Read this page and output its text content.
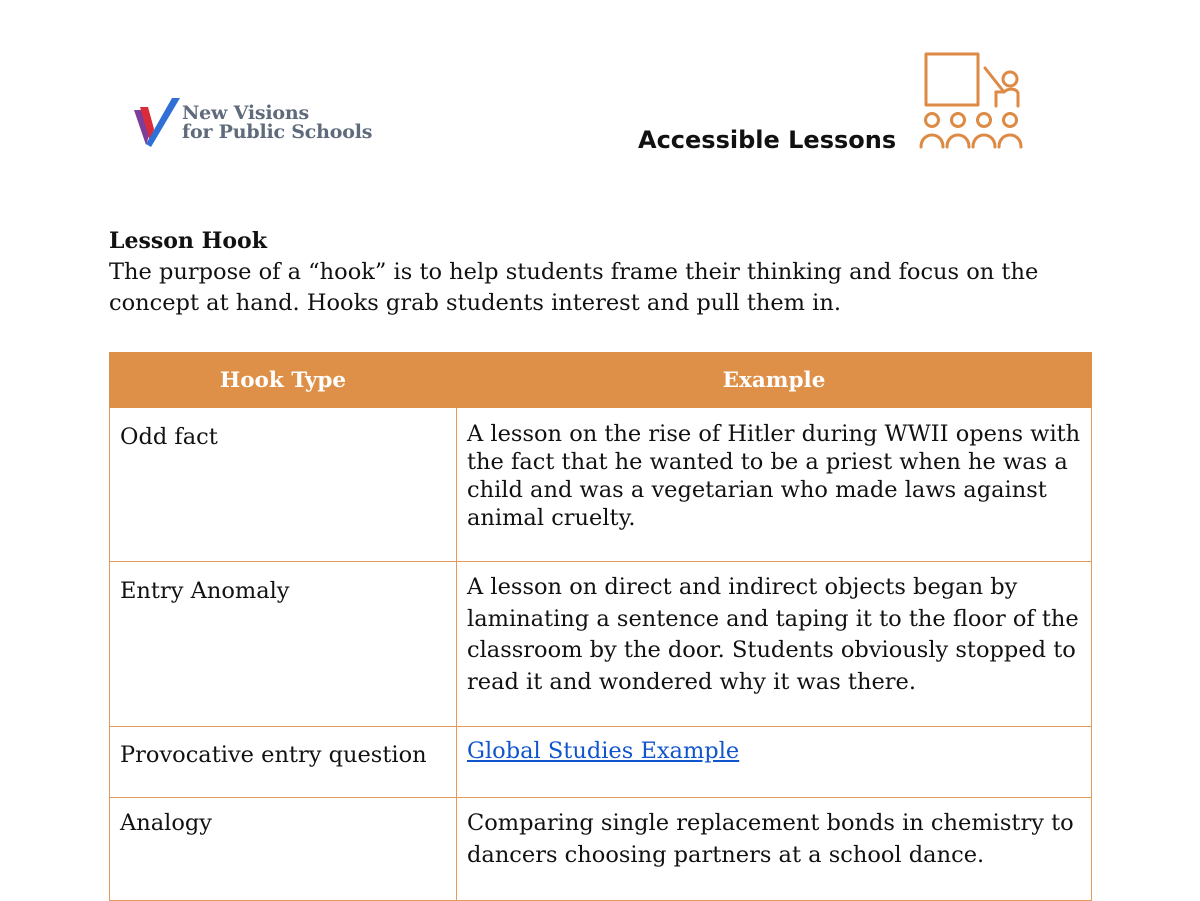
New Visions
for Public Schools	Accessible Lessons
Lesson Hook
The purpose of a “hook” is to help students frame their thinking and focus on the concept at hand. Hooks grab students interest and pull them in.
Hook Type	Example
Odd fact	A lesson on the rise of Hitler during WWII opens with the fact that he wanted to be a priest when he was a child and was a vegetarian who made laws against animal cruelty.
Entry Anomaly	A lesson on direct and indirect objects began by laminating a sentence and taping it to the floor of the classroom by the door. Students obviously stopped to read it and wondered why it was there.
Provocative entry question	Global Studies Example
Analogy	Comparing single replacement bonds in chemistry to dancers choosing partners at a school dance.
